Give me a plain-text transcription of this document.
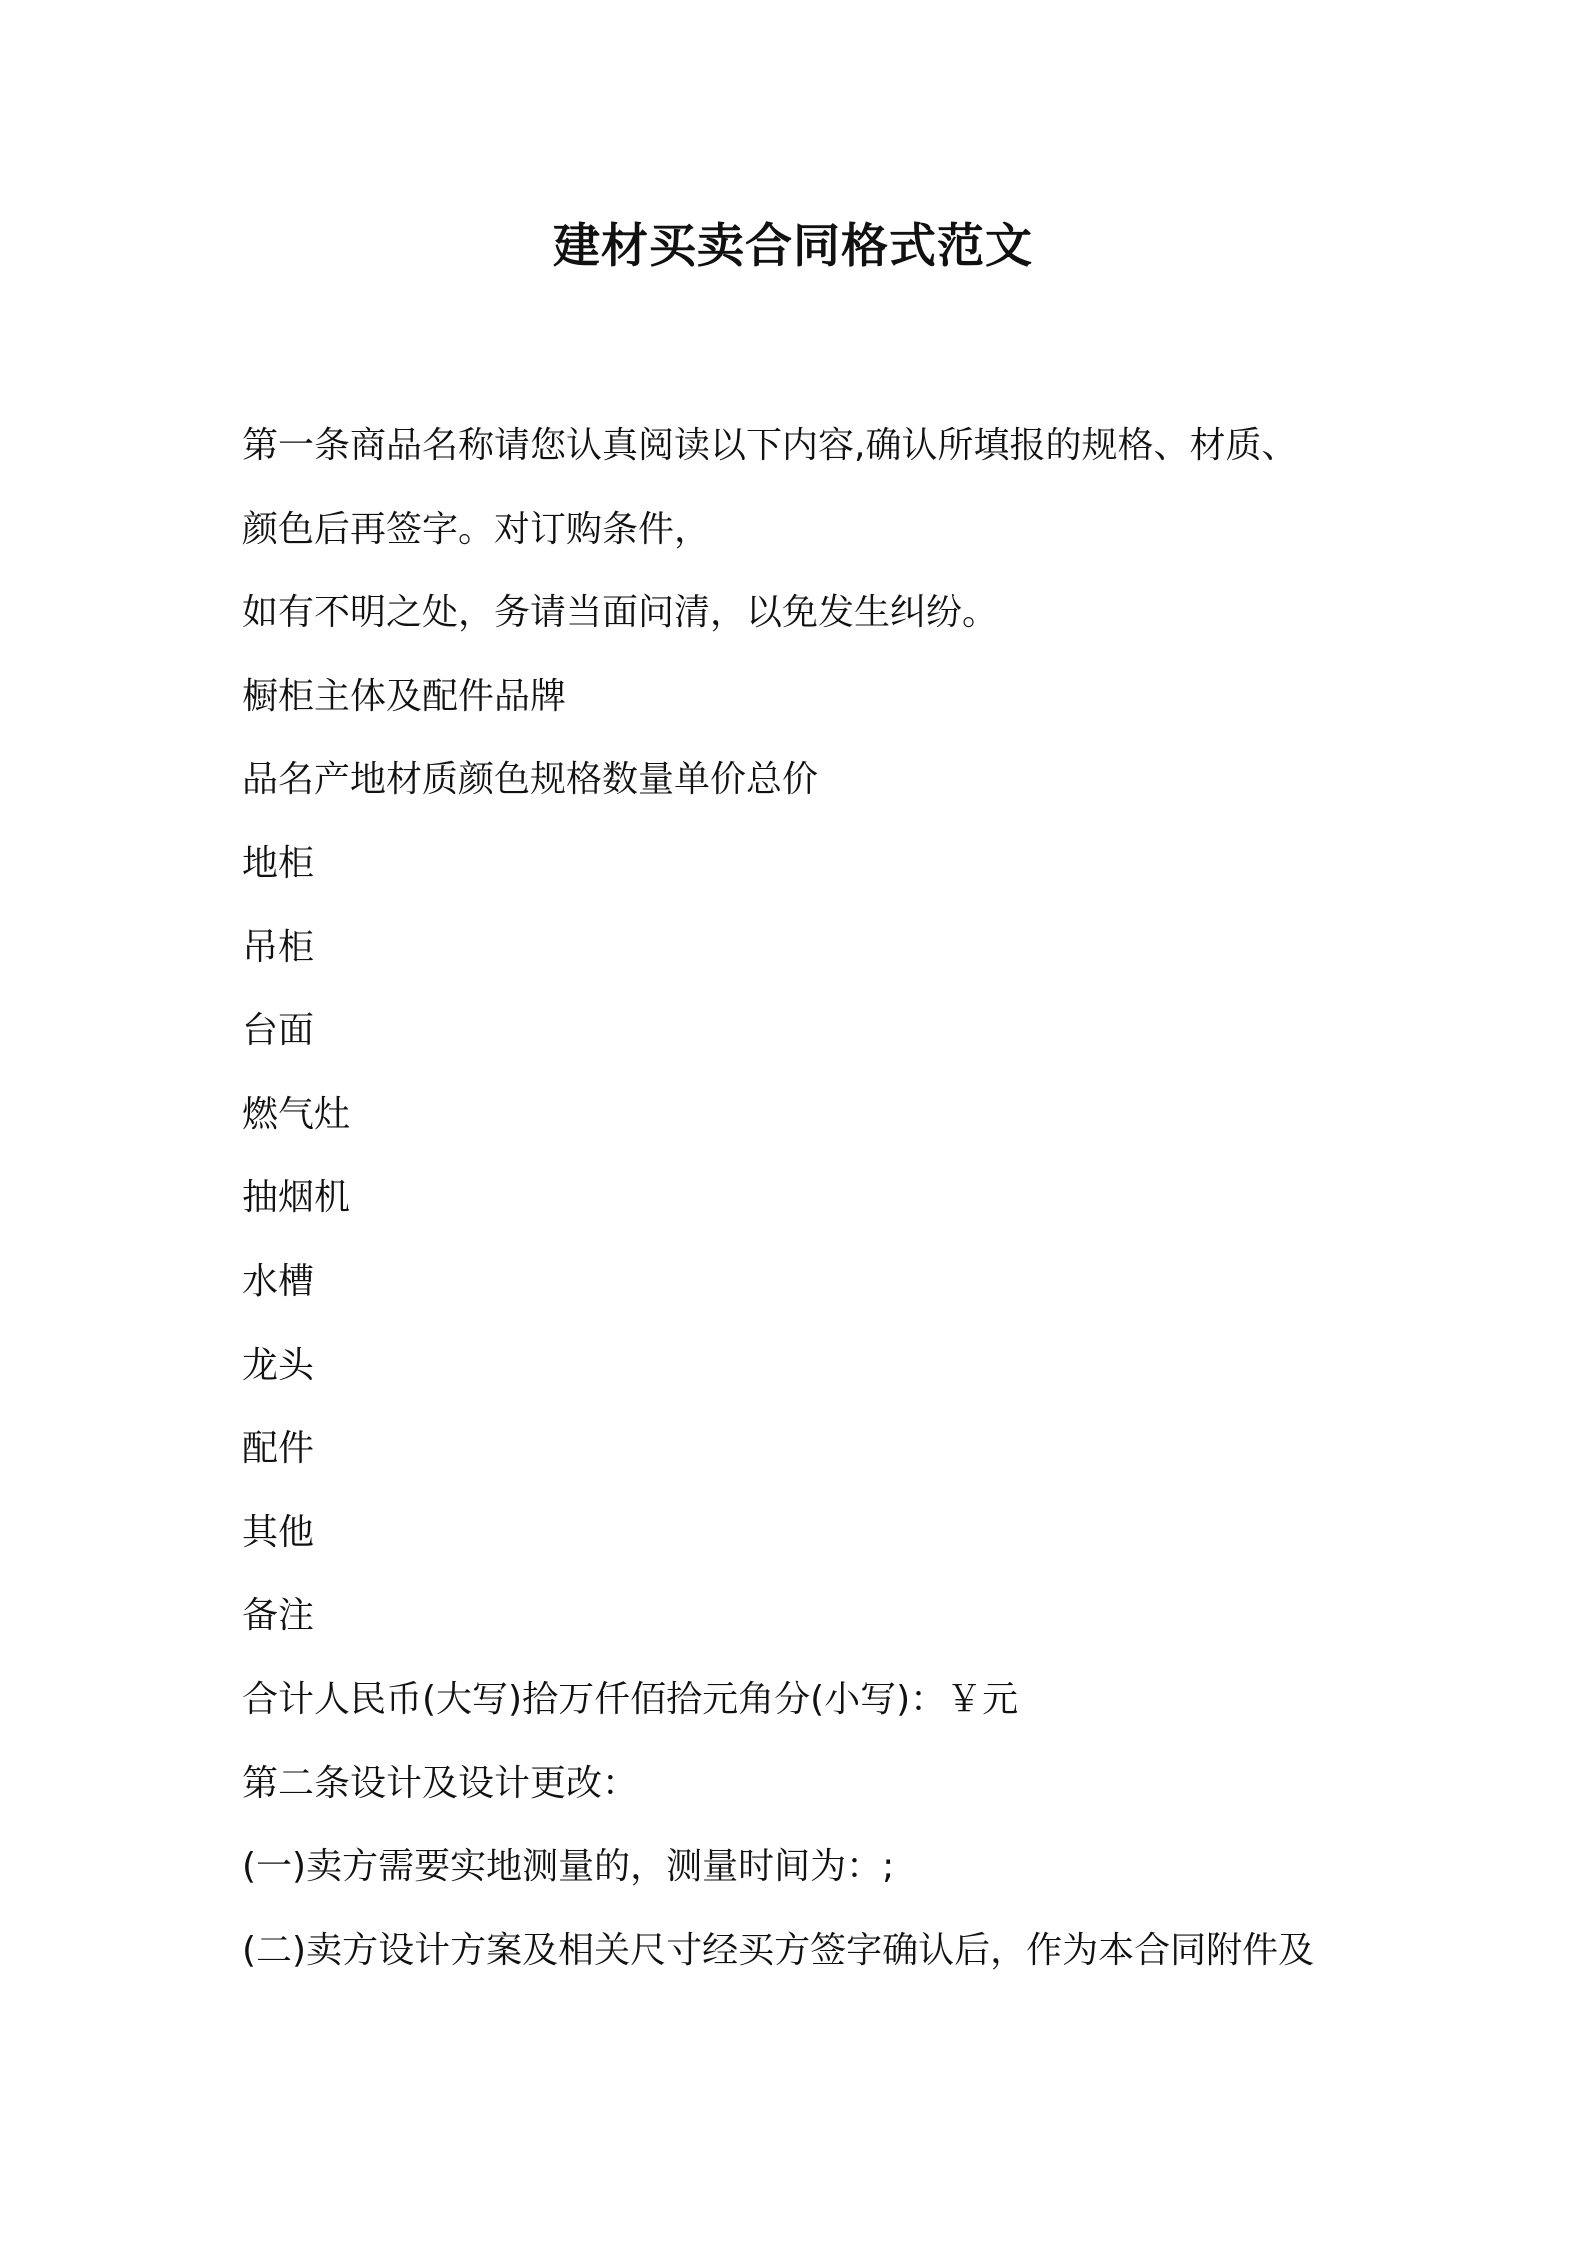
建材买卖合同格式范文

第一条商品名称请您认真阅读以下内容,确认所填报的规格、材质、

颜色后再签字。对订购条件，

如有不明之处，务请当面问清，以免发生纠纷。

橱柜主体及配件品牌

品名产地材质颜色规格数量单价总价

地柜

吊柜

台面

燃气灶

抽烟机

水槽

龙头

配件

其他

备注

合计人民币(大写)拾万仟佰拾元角分(小写)：￥元

第二条设计及设计更改：

(一)卖方需要实地测量的，测量时间为：;

(二)卖方设计方案及相关尺寸经买方签字确认后，作为本合同附件及
